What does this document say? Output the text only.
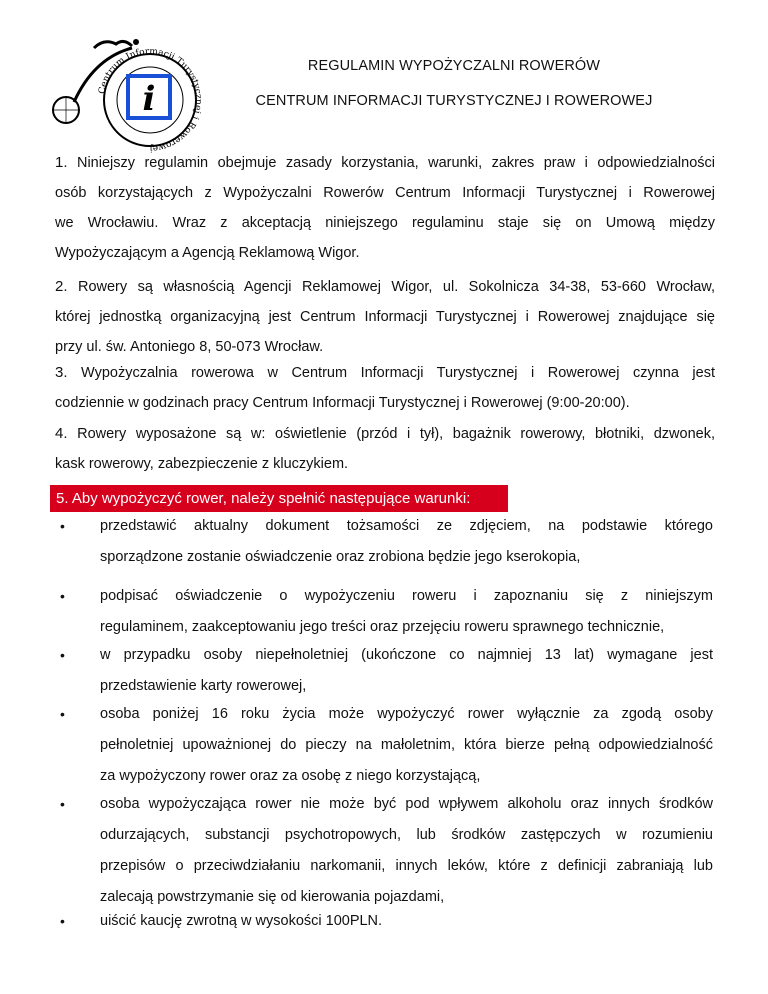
Centrum Informacji Turystycznej i Rowerowej
i
REGULAMIN WYPOŻYCZALNI ROWERÓW
CENTRUM INFORMACJI TURYSTYCZNEJ I ROWEROWEJ
1. Niniejszy regulamin obejmuje zasady korzystania, warunki, zakres praw i odpowiedzialności
osób korzystających z Wypożyczalni Rowerów Centrum Informacji Turystycznej i Rowerowej
we Wrocławiu. Wraz z akceptacją niniejszego regulaminu staje się on Umową między
Wypożyczającym a Agencją Reklamową Wigor.
2. Rowery są własnością Agencji Reklamowej Wigor, ul. Sokolnicza 34-38, 53-660 Wrocław,
której jednostką organizacyjną jest Centrum Informacji Turystycznej i Rowerowej znajdujące się
przy ul. św. Antoniego 8, 50-073 Wrocław.
3. Wypożyczalnia rowerowa w Centrum Informacji Turystycznej i Rowerowej czynna jest
codziennie w godzinach pracy Centrum Informacji Turystycznej i Rowerowej (9:00-20:00).
4. Rowery wyposażone są w: oświetlenie (przód i tył), bagażnik rowerowy, błotniki, dzwonek,
kask rowerowy, zabezpieczenie z kluczykiem.
5. Aby wypożyczyć rower, należy spełnić następujące warunki:
• przedstawić aktualny dokument tożsamości ze zdjęciem, na podstawie którego
sporządzone zostanie oświadczenie oraz zrobiona będzie jego kserokopia,
• podpisać oświadczenie o wypożyczeniu roweru i zapoznaniu się z niniejszym
regulaminem, zaakceptowaniu jego treści oraz przejęciu roweru sprawnego technicznie,
• w przypadku osoby niepełnoletniej (ukończone co najmniej 13 lat) wymagane jest
przedstawienie karty rowerowej,
• osoba poniżej 16 roku życia może wypożyczyć rower wyłącznie za zgodą osoby
pełnoletniej upoważnionej do pieczy na małoletnim, która bierze pełną odpowiedzialność
za wypożyczony rower oraz za osobę z niego korzystającą,
• osoba wypożyczająca rower nie może być pod wpływem alkoholu oraz innych środków
odurzających, substancji psychotropowych, lub środków zastępczych w rozumieniu
przepisów o przeciwdziałaniu narkomanii, innych leków, które z definicji zabraniają lub
zalecają powstrzymanie się od kierowania pojazdami,
• uiścić kaucję zwrotną w wysokości 100PLN.
